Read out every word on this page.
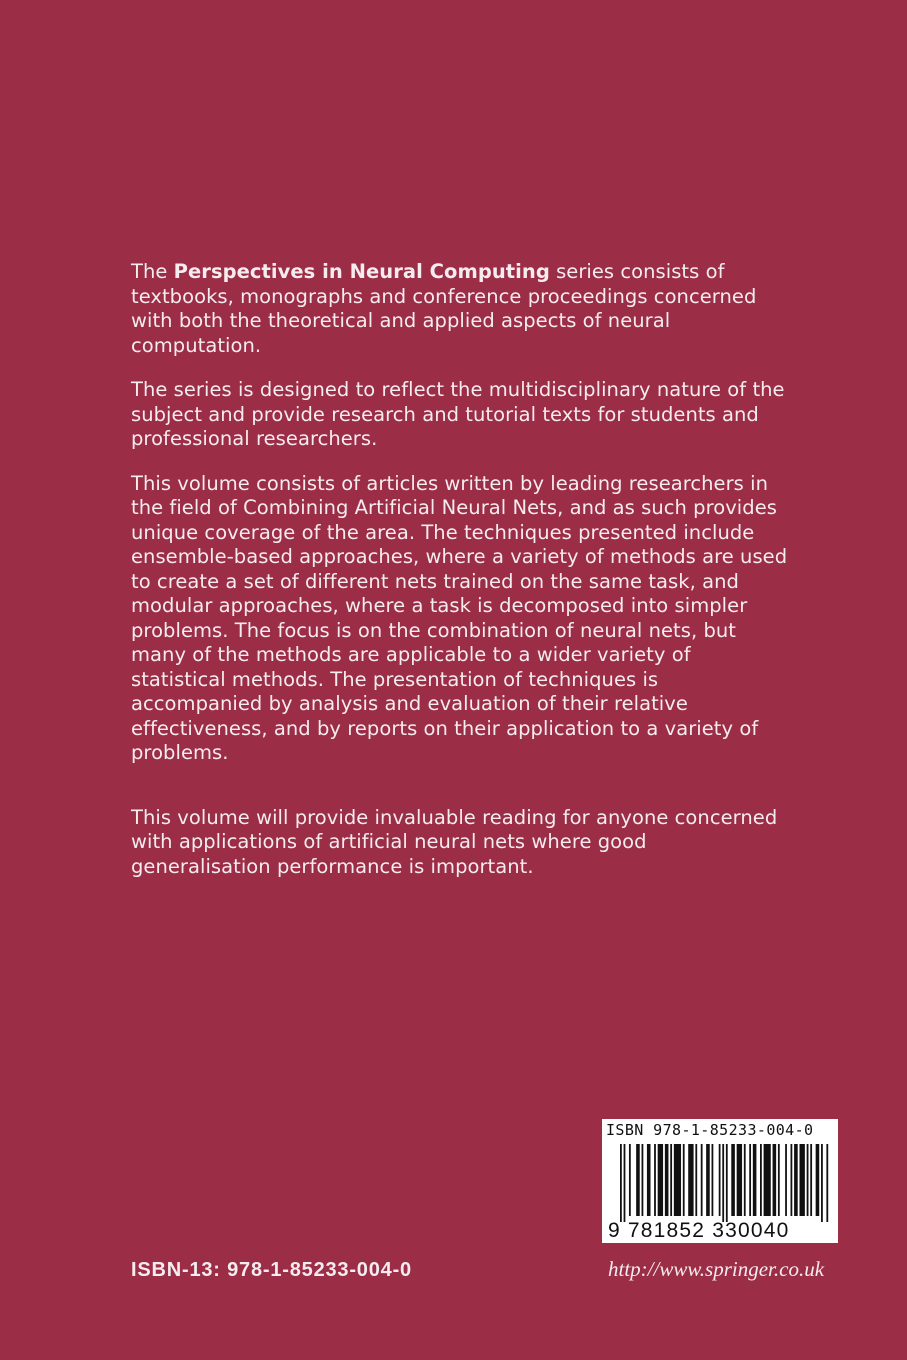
The Perspectives in Neural Computing series consists of textbooks, monographs and conference proceedings concerned with both the theoretical and applied aspects of neural computation.

The series is designed to reflect the multidisciplinary nature of the subject and provide research and tutorial texts for students and professional researchers.

This volume consists of articles written by leading researchers in the field of Combining Artificial Neural Nets, and as such provides unique coverage of the area. The techniques presented include ensemble-based approaches, where a variety of methods are used to create a set of different nets trained on the same task, and modular approaches, where a task is decomposed into simpler problems. The focus is on the combination of neural nets, but many of the methods are applicable to a wider variety of statistical methods. The presentation of techniques is accompanied by analysis and evaluation of their relative effectiveness, and by reports on their application to a variety of problems.

This volume will provide invaluable reading for anyone concerned with applications of artificial neural nets where good generalisation performance is important.

ISBN 978-1-85233-004-0
9 781852 330040
ISBN-13: 978-1-85233-004-0	http://www.springer.co.uk
